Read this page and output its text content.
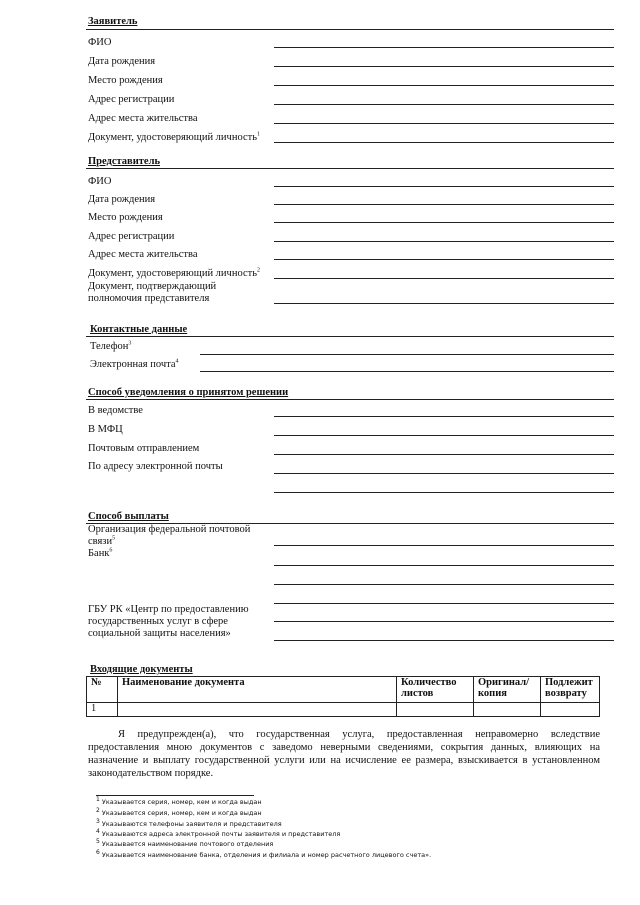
Заявитель
ФИО
Дата рождения
Место рождения
Адрес регистрации
Адрес места жительства
Документ, удостоверяющий личность$^1$
Представитель
ФИО
Дата рождения
Место рождения
Адрес регистрации
Адрес места жительства
Документ, удостоверяющий личность$^2$
Документ, подтверждающий
полномочия представителя
Контактные данные
Телефон$^3$
Электронная почта$^4$
Способ уведомления о принятом решении
В ведомстве
В МФЦ
Почтовым отправлением
По адресу электронной почты
Способ выплаты
Организация федеральной почтовой
связи$^5$
Банк$^6$
ГБУ РК «Центр по предоставлению
государственных услуг в сфере
социальной защиты населения»
Входящие документы
№	Наименование документа	Количество листов	Оригинал/ копия	Подлежит возврату
1				
Я предупрежден(а), что государственная услуга, предоставленная неправомерно вследствие предоставления мною документов с заведомо неверными сведениями, сокрытия данных, влияющих на назначение и выплату государственной услуги или на исчисление ее размера, взыскивается в установленном законодательством порядке.
$^1$ Указывается серия, номер, кем и когда выдан
$^2$ Указывается серия, номер, кем и когда выдан
$^3$ Указываются телефоны заявителя и представителя
$^4$ Указываются адреса электронной почты заявителя и представителя
$^5$ Указывается наименование почтового отделения
$^6$ Указывается наименование банка, отделения и филиала и номер расчетного лицевого счета».
